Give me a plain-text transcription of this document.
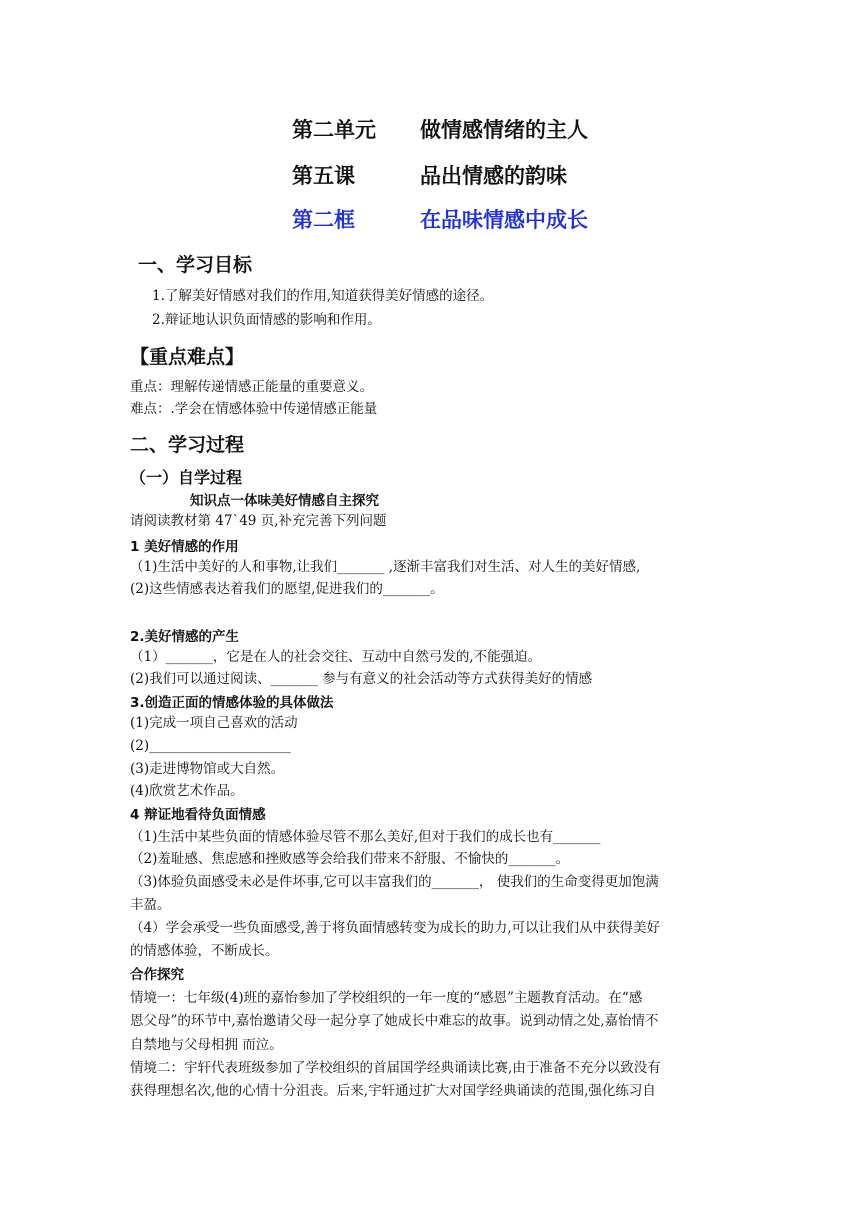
第二单元 做情感情绪的主人
第五课	品出情感的韵味
第二框	在品味情感中成长
一、学习目标
1.了解美好情感对我们的作用,知道获得美好情感的途径。
2.辩证地认识负面情感的影响和作用。
【重点难点】
重点：理解传递情感正能量的重要意义。
难点：.学会在情感体验中传递情感正能量
二、学习过程
（一）自学过程
知识点一体味美好情感自主探究
请阅读教材第 47`49 页,补充完善下列问题
1 美好情感的作用
（1)生活中美好的人和事物,让我们_______ ,逐渐丰富我们对生活、对人生的美好情感,
(2)这些情感表达着我们的愿望,促进我们的_______。
2.美好情感的产生
（1）_______，它是在人的社会交往、互动中自然弓发的,不能强迫。
(2)我们可以通过阅读、_______ 参与有意义的社会活动等方式获得美好的情感
3.创造正面的情感体验的具体做法
(1)完成一项自己喜欢的活动
(2)_____________________
(3)走进博物馆或大自然。
(4)欣赏艺术作品。
4 辩证地看待负面情感
（1)生活中某些负面的情感体验尽管不那么美好,但对于我们的成长也有_______
（2)羞耻感、焦虑感和挫败感等会给我们带来不舒服、不愉快的_______。
（3)体验负面感受未必是件坏事,它可以丰富我们的_______， 使我们的生命变得更加饱满
丰盈。
（4）学会承受一些负面感受,善于将负面情感转变为成长的助力,可以让我们从中获得美好
的情感体验，不断成长。
合作探究
情境一：七年级(4)班的嘉怡参加了学校组织的一年一度的“感恩”主题教育活动。在“感
恩父母”的环节中,嘉怡邀请父母一起分享了她成长中难忘的故事。说到动情之处,嘉怡情不
自禁地与父母相拥 而泣。
情境二：宇轩代表班级参加了学校组织的首届国学经典诵读比赛,由于准备不充分以致没有
获得理想名次,他的心情十分沮丧。后来,宇轩通过扩大对国学经典诵读的范围,强化练习自
